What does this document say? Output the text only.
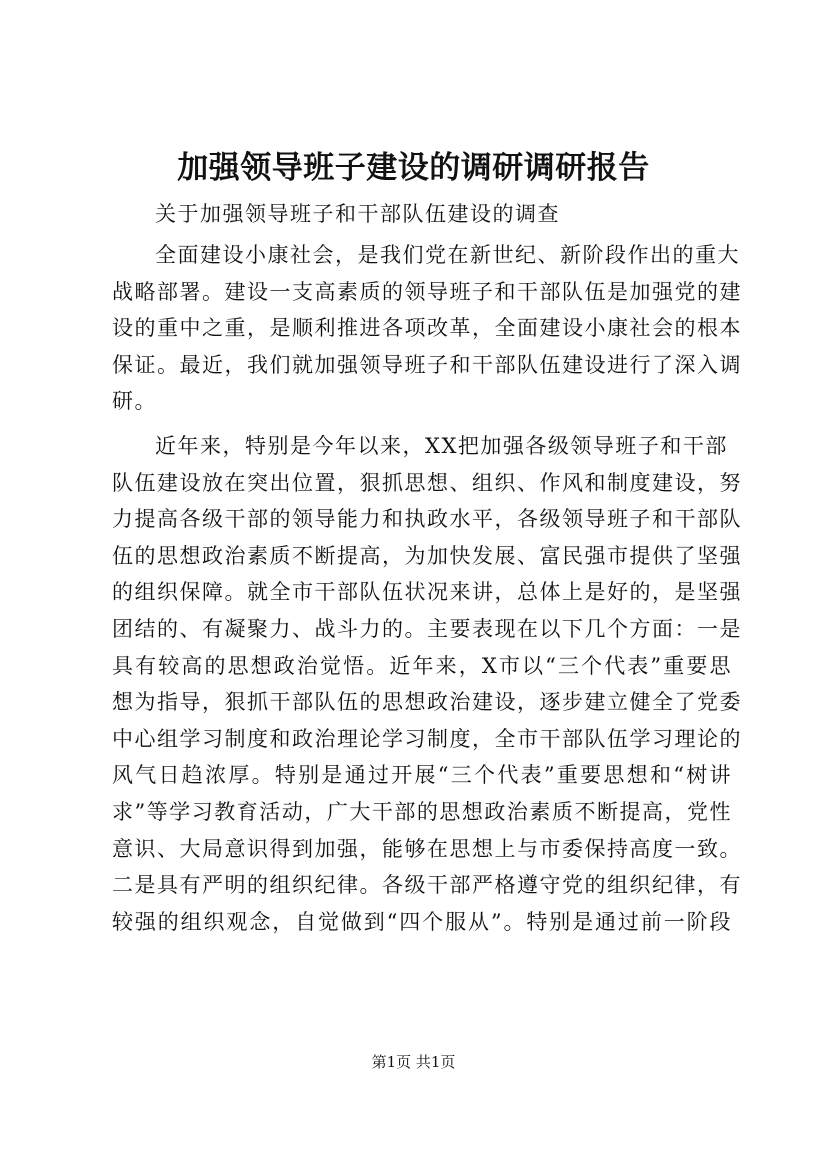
加强领导班子建设的调研调研报告
关于加强领导班子和干部队伍建设的调查
全面建设小康社会，是我们党在新世纪、新阶段作出的重大
战略部署。建设一支高素质的领导班子和干部队伍是加强党的建
设的重中之重，是顺利推进各项改革，全面建设小康社会的根本
保证。最近，我们就加强领导班子和干部队伍建设进行了深入调
研。
近年来，特别是今年以来，XX把加强各级领导班子和干部
队伍建设放在突出位置，狠抓思想、组织、作风和制度建设，努
力提高各级干部的领导能力和执政水平，各级领导班子和干部队
伍的思想政治素质不断提高，为加快发展、富民强市提供了坚强
的组织保障。就全市干部队伍状况来讲，总体上是好的，是坚强
团结的、有凝聚力、战斗力的。主要表现在以下几个方面：一是
具有较高的思想政治觉悟。近年来，X市以“三个代表”重要思
想为指导，狠抓干部队伍的思想政治建设，逐步建立健全了党委
中心组学习制度和政治理论学习制度，全市干部队伍学习理论的
风气日趋浓厚。特别是通过开展“三个代表”重要思想和“树讲
求”等学习教育活动，广大干部的思想政治素质不断提高，党性
意识、大局意识得到加强，能够在思想上与市委保持高度一致。
二是具有严明的组织纪律。各级干部严格遵守党的组织纪律，有
较强的组织观念，自觉做到“四个服从”。特别是通过前一阶段
第1页 共1页
